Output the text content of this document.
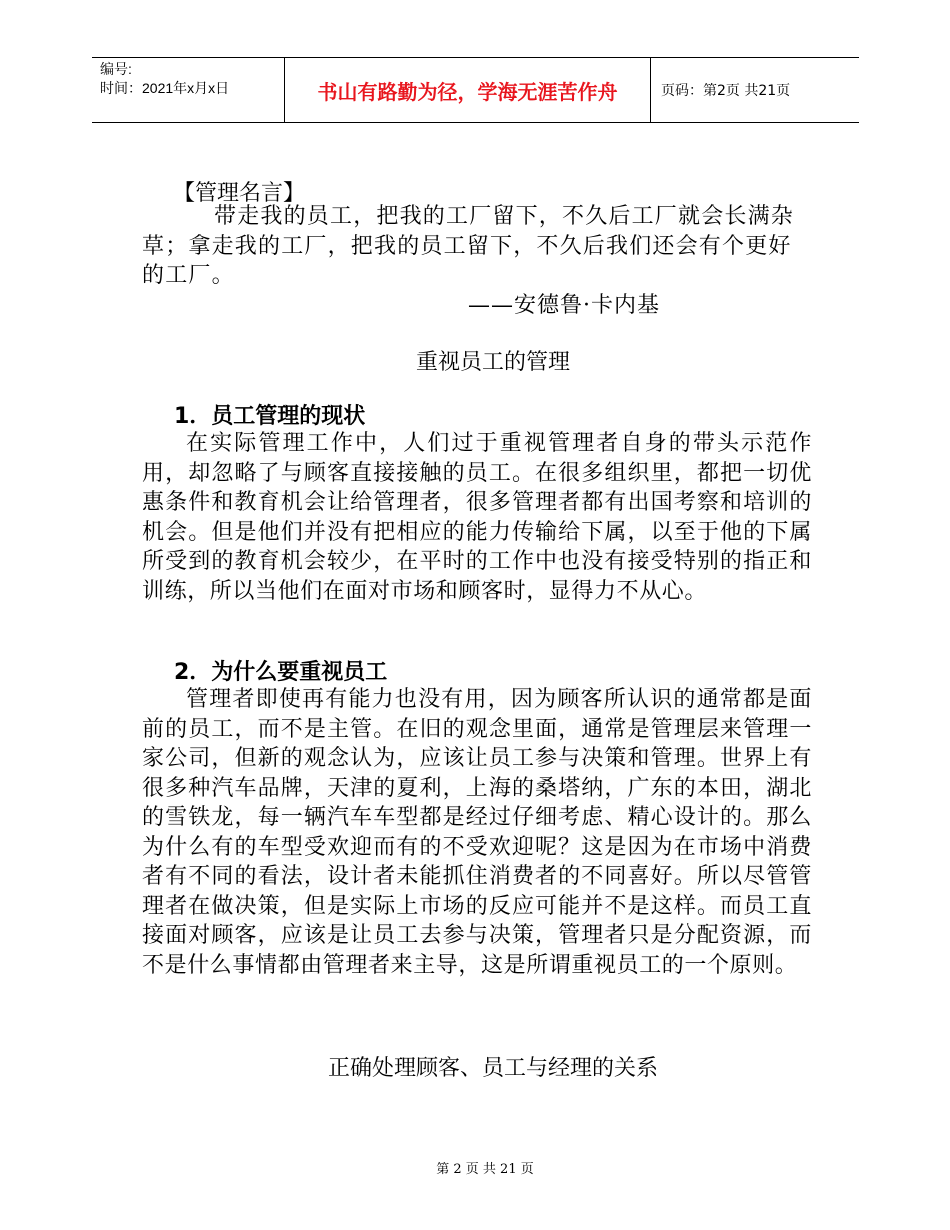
编号:
时间：2021年x月x日	书山有路勤为径，学海无涯苦作舟	页码：第2页 共21页
【管理名言】
带走我的员工，把我的工厂留下，不久后工厂就会长满杂草；拿走我的工厂，把我的员工留下，不久后我们还会有个更好的工厂。
——安德鲁·卡内基
重视员工的管理
1．员工管理的现状
在实际管理工作中，人们过于重视管理者自身的带头示范作用，却忽略了与顾客直接接触的员工。在很多组织里，都把一切优惠条件和教育机会让给管理者，很多管理者都有出国考察和培训的机会。但是他们并没有把相应的能力传输给下属，以至于他的下属所受到的教育机会较少，在平时的工作中也没有接受特别的指正和训练，所以当他们在面对市场和顾客时，显得力不从心。
2．为什么要重视员工
管理者即使再有能力也没有用，因为顾客所认识的通常都是面前的员工，而不是主管。在旧的观念里面，通常是管理层来管理一家公司，但新的观念认为，应该让员工参与决策和管理。世界上有很多种汽车品牌，天津的夏利，上海的桑塔纳，广东的本田，湖北的雪铁龙，每一辆汽车车型都是经过仔细考虑、精心设计的。那么为什么有的车型受欢迎而有的不受欢迎呢？这是因为在市场中消费者有不同的看法，设计者未能抓住消费者的不同喜好。所以尽管管理者在做决策，但是实际上市场的反应可能并不是这样。而员工直接面对顾客，应该是让员工去参与决策，管理者只是分配资源，而不是什么事情都由管理者来主导，这是所谓重视员工的一个原则。
正确处理顾客、员工与经理的关系
第 2 页 共 21 页
